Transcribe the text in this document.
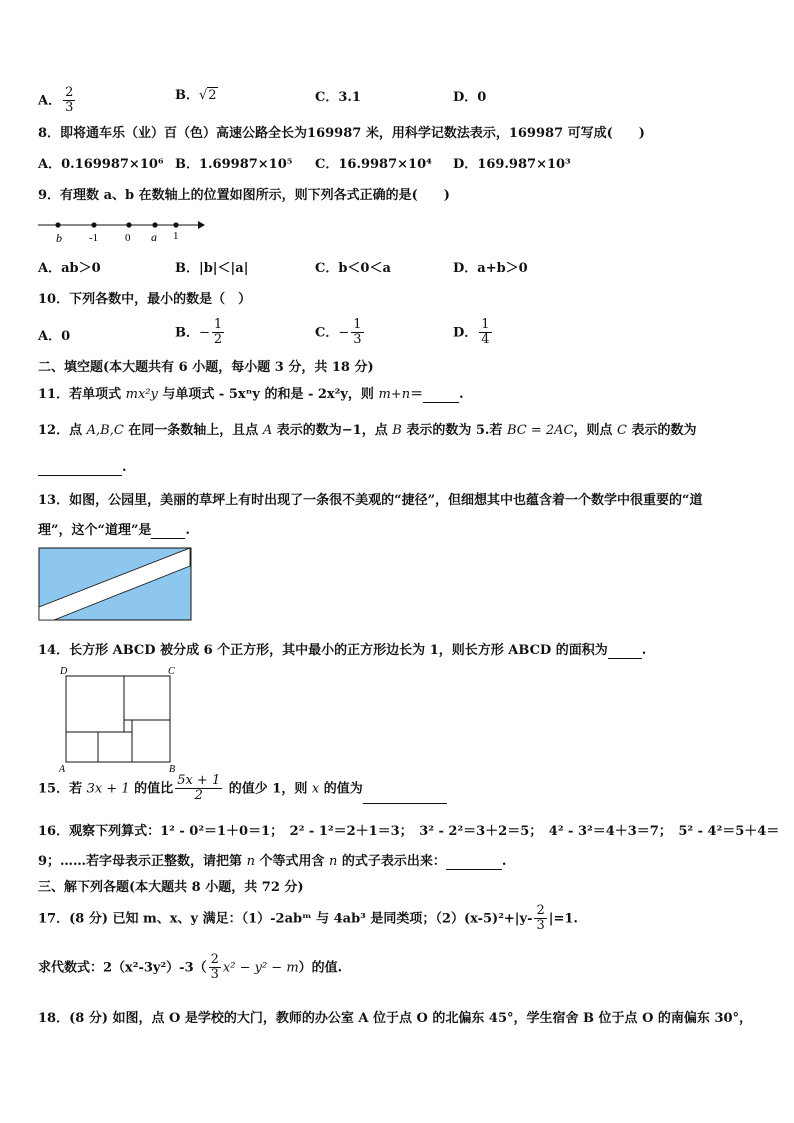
A． $\frac{2}{3}$	B．√2	C．3.1	D．0
8．即将通车乐（业）百（色）高速公路全长为169987 米，用科学记数法表示，169987 可写成(　　)
A．0.169987×10⁶ B．1.69987×10⁵ C．16.9987×10⁴ D．169.987×10³
9．有理数 a、b 在数轴上的位置如图所示，则下列各式正确的是(　　)
b -1 0 a 1
A．ab＞0	B．|b|＜|a|	C．b＜0＜a	D．a+b＞0
10．下列各数中，最小的数是（　）
A．0	B．− $\frac{1}{2}$	C．− $\frac{1}{3}$	D． $\frac{1}{4}$
二、填空题(本大题共有 6 小题，每小题 3 分，共 18 分)
11．若单项式 mx²y 与单项式 - 5xⁿy 的和是 - 2x²y，则 m+n＝	.
12．点 A,B,C 在同一条数轴上，且点 A 表示的数为−1，点 B 表示的数为 5.若 BC = 2AC，则点 C 表示的数为
.
13．如图，公园里，美丽的草坪上有时出现了一条很不美观的“捷径”，但细想其中也蕴含着一个数学中很重要的“道
理”，这个“道理”是	.
14．长方形 ABCD 被分成 6 个正方形，其中最小的正方形边长为 1，则长方形 ABCD 的面积为	.
D	C
A	B
15．若 3x + 1 的值比 $\frac{5x + 1}{2}$ 的值少 1，则 x 的值为
16．观察下列算式：1² - 0²＝1＋0＝1；　2² - 1²＝2＋1＝3；　3² - 2²＝3＋2＝5；　4² - 3²＝4＋3＝7；　5² - 4²＝5＋4＝
9；……若字母表示正整数，请把第 n 个等式用含 n 的式子表示出来：	.
三、解下列各题(本大题共 8 小题，共 72 分)
17．(8 分) 已知 m、x、y 满足：（1）-2abᵐ 与 4ab³ 是同类项；$(2)(x-5)^2+|y- \frac{2}{3} |=1$.
求代数式：$2(x^2-3y^2)-3( \frac{2}{3} x^2 - y^2 - m)$的值.
18．(8 分) 如图，点 O 是学校的大门，教师的办公室 A 位于点 O 的北偏东 45°，学生宿舍 B 位于点 O 的南偏东 30°，
